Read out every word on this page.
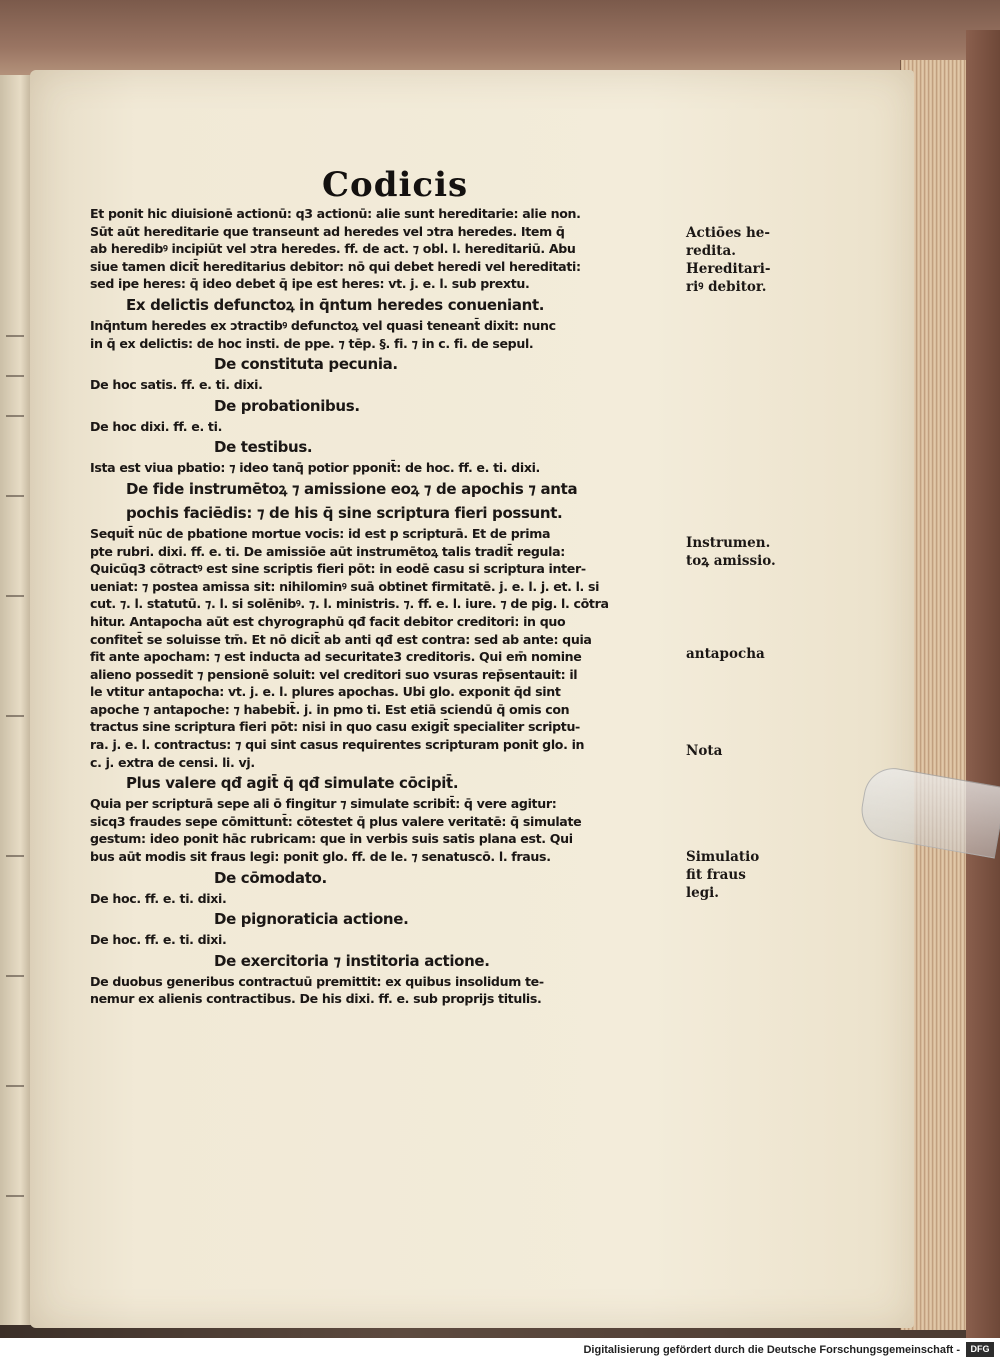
Codicis
Et ponit hic diuisionē actionū: q3 actionū: alie sunt hereditarie: alie non.
Sūt aūt hereditarie que transeunt ad heredes vel ɔtra heredes. Item q̄
ab heredibꝰ incipiūt vel ɔtra heredes. ff. de act. ⁊ obl. l. hereditariū. Abu
siue tamen dicit̄ hereditarius debitor: nō qui debet heredi vel hereditati:
sed ipe heres: q̄ ideo debet q̄ ipe est heres: vt. j. e. l. sub prextu.
Ex delictis defunctoꝝ in q̄ntum heredes conueniant.
Inq̄ntum heredes ex ɔtractibꝰ defunctoꝝ vel quasi teneant̄ dixit: nunc
in q̄ ex delictis: de hoc insti. de ppe. ⁊ tēp. §. fi. ⁊ in c. fi. de sepul.
De constituta pecunia.
De hoc satis. ff. e. ti. dixi.
De probationibus.
De hoc dixi. ff. e. ti.
De testibus.
Ista est viua pbatio: ⁊ ideo tanq̄ potior pponit̄: de hoc. ff. e. ti. dixi.
De fide instrumētoꝝ ⁊ amissione eoꝝ ⁊ de apochis ⁊ anta
pochis faciēdis: ⁊ de his q̄ sine scriptura fieri possunt.
Sequit̄ nūc de pbatione mortue vocis: id est p scripturā. Et de prima
pte rubri. dixi. ff. e. ti. De amissiōe aūt instrumētoꝝ talis tradit̄ regula:
Quicūq3 cōtractꝰ est sine scriptis fieri pōt: in eodē casu si scriptura inter-
ueniat: ⁊ postea amissa sit: nihilominꝰ suā obtinet firmitatē. j. e. l. j. et. l. si
cut. ⁊. l. statutū. ⁊. l. si solēnibꝰ. ⁊. l. ministris. ⁊. ff. e. l. iure. ⁊ de pig. l. cōtra
hitur. Antapocha aūt est chyrographū qđ facit debitor creditori: in quo
confitet̄ se soluisse tm̄. Et nō dicit̄ ab anti qđ est contra: sed ab ante: quia
fit ante apocham: ⁊ est inducta ad securitate3 creditoris. Qui em̄ nomine
alieno possedit ⁊ pensionē soluit: vel creditori suo vsuras rep̄sentauit: il
le vtitur antapocha: vt. j. e. l. plures apochas. Ubi glo. exponit q̄d sint
apoche ⁊ antapoche: ⁊ habebit̄. j. in pmo ti. Est etiā sciendū q̄ omis con
tractus sine scriptura fieri pōt: nisi in quo casu exigit̄ specialiter scriptu-
ra. j. e. l. contractus: ⁊ qui sint casus requirentes scripturam ponit glo. in
c. j. extra de censi. li. vj.
Plus valere qđ agit̄ q̄ qđ simulate cōcipit̄.
Quia per scripturā sepe ali ō fingitur ⁊ simulate scribit̄: q̄ vere agitur:
sicq3 fraudes sepe cōmittunt̄: cōtestet q̄ plus valere veritatē: q̄ simulate
gestum: ideo ponit hāc rubricam: que in verbis suis satis plana est. Qui
bus aūt modis sit fraus legi: ponit glo. ff. de le. ⁊ senatuscō. l. fraus.
De cōmodato.
De hoc. ff. e. ti. dixi.
De pignoraticia actione.
De hoc. ff. e. ti. dixi.
De exercitoria ⁊ institoria actione.
De duobus generibus contractuū premittit: ex quibus insolidum te-
nemur ex alienis contractibus. De his dixi. ff. e. sub proprijs titulis.
Actiōes he-
redita.
Hereditari-
riꝰ debitor.
Instrumen.
toꝝ amissio.
antapocha
Nota
Simulatio
fit fraus
legi.
Digitalisierung gefördert durch die Deutsche Forschungsgemeinschaft -	DFG
